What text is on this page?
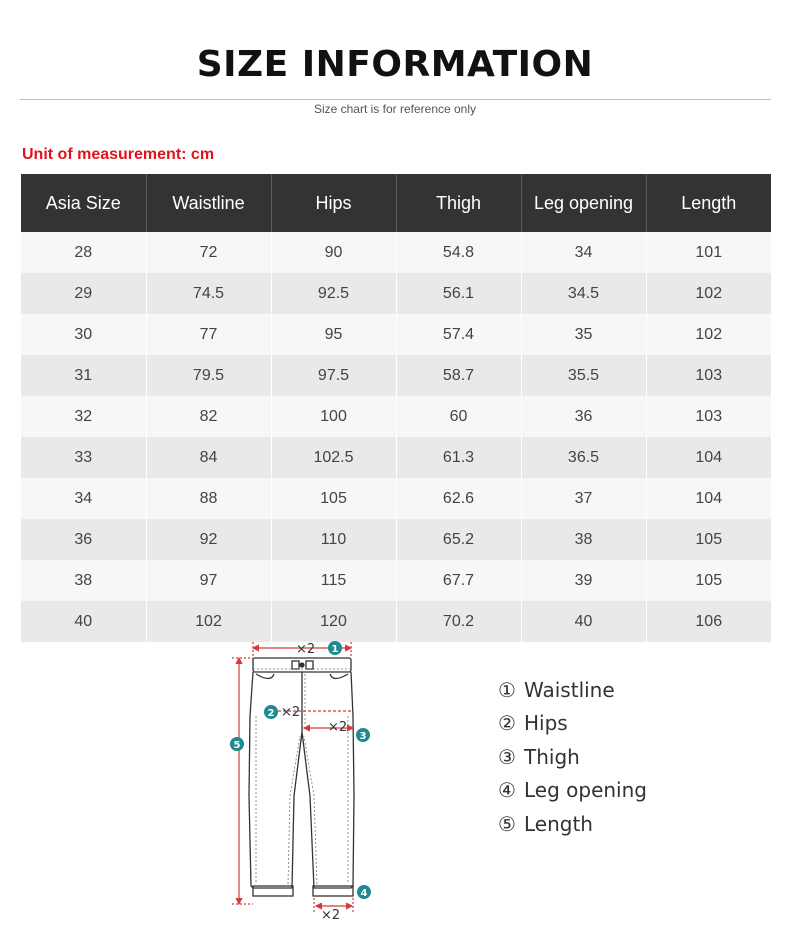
SIZE INFORMATION
Size chart is for reference only
Unit of measurement: cm
Asia Size	Waistline	Hips	Thigh	Leg opening	Length
28	72	90	54.8	34	101
29	74.5	92.5	56.1	34.5	102
30	77	95	57.4	35	102
31	79.5	97.5	58.7	35.5	103
32	82	100	60	36	103
33	84	102.5	61.3	36.5	104
34	88	105	62.6	37	104
36	92	110	65.2	38	105
38	97	115	67.7	39	105
40	102	120	70.2	40	106
×2
×2
×2
×2
1
2
3
4
5
① Waistline
② Hips
③ Thigh
④ Leg opening
⑤ Length
